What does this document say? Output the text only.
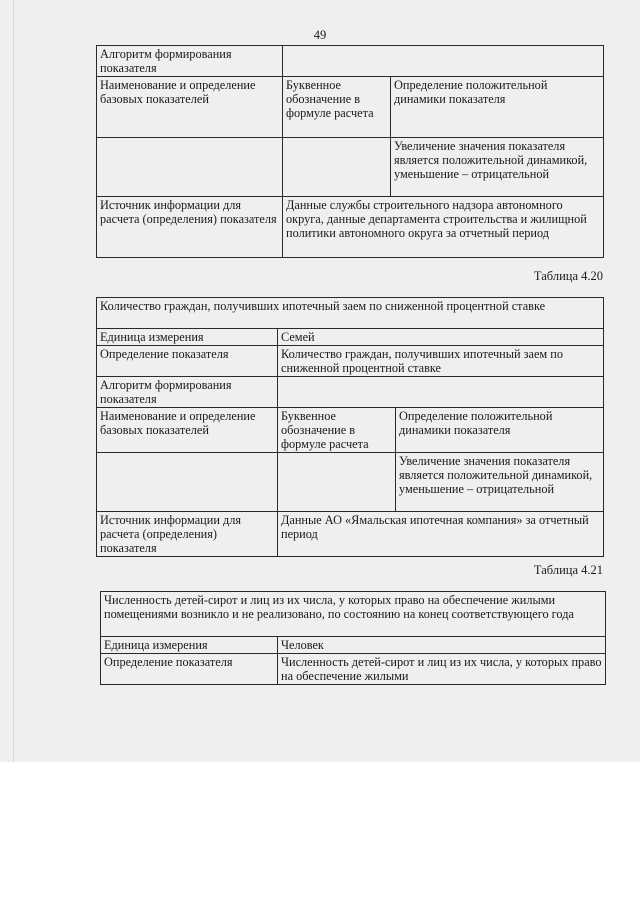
49
Алгоритм формирования показателя		
Наименование и определение базовых показателей	Буквенное обозначение в формуле расчета	Определение положительной динамики показателя
		Увеличение значения показателя является положительной динамикой, уменьшение – отрицательной
Источник информации для расчета (определения) показателя	Данные службы строительного надзора автономного округа, данные департамента строительства и жилищной политики автономного округа за отчетный период	
Таблица 4.20
Количество граждан, получивших ипотечный заем по сниженной процентной ставке		
Единица измерения	Семей	
Определение показателя	Количество граждан, получивших ипотечный заем по сниженной процентной ставке	
Алгоритм формирования показателя		
Наименование и определение базовых показателей	Буквенное обозначение в формуле расчета	Определение положительной динамики показателя
		Увеличение значения показателя является положительной динамикой, уменьшение – отрицательной
Источник информации для расчета (определения) показателя	Данные АО «Ямальская ипотечная компания» за отчетный период	
Таблица 4.21
Численность детей-сирот и лиц из их числа, у которых право на обеспечение жилыми помещениями возникло и не реализовано, по состоянию на конец соответствующего года	
Единица измерения	Человек
Определение показателя	Численность детей-сирот и лиц из их числа, у которых право на обеспечение жилыми
